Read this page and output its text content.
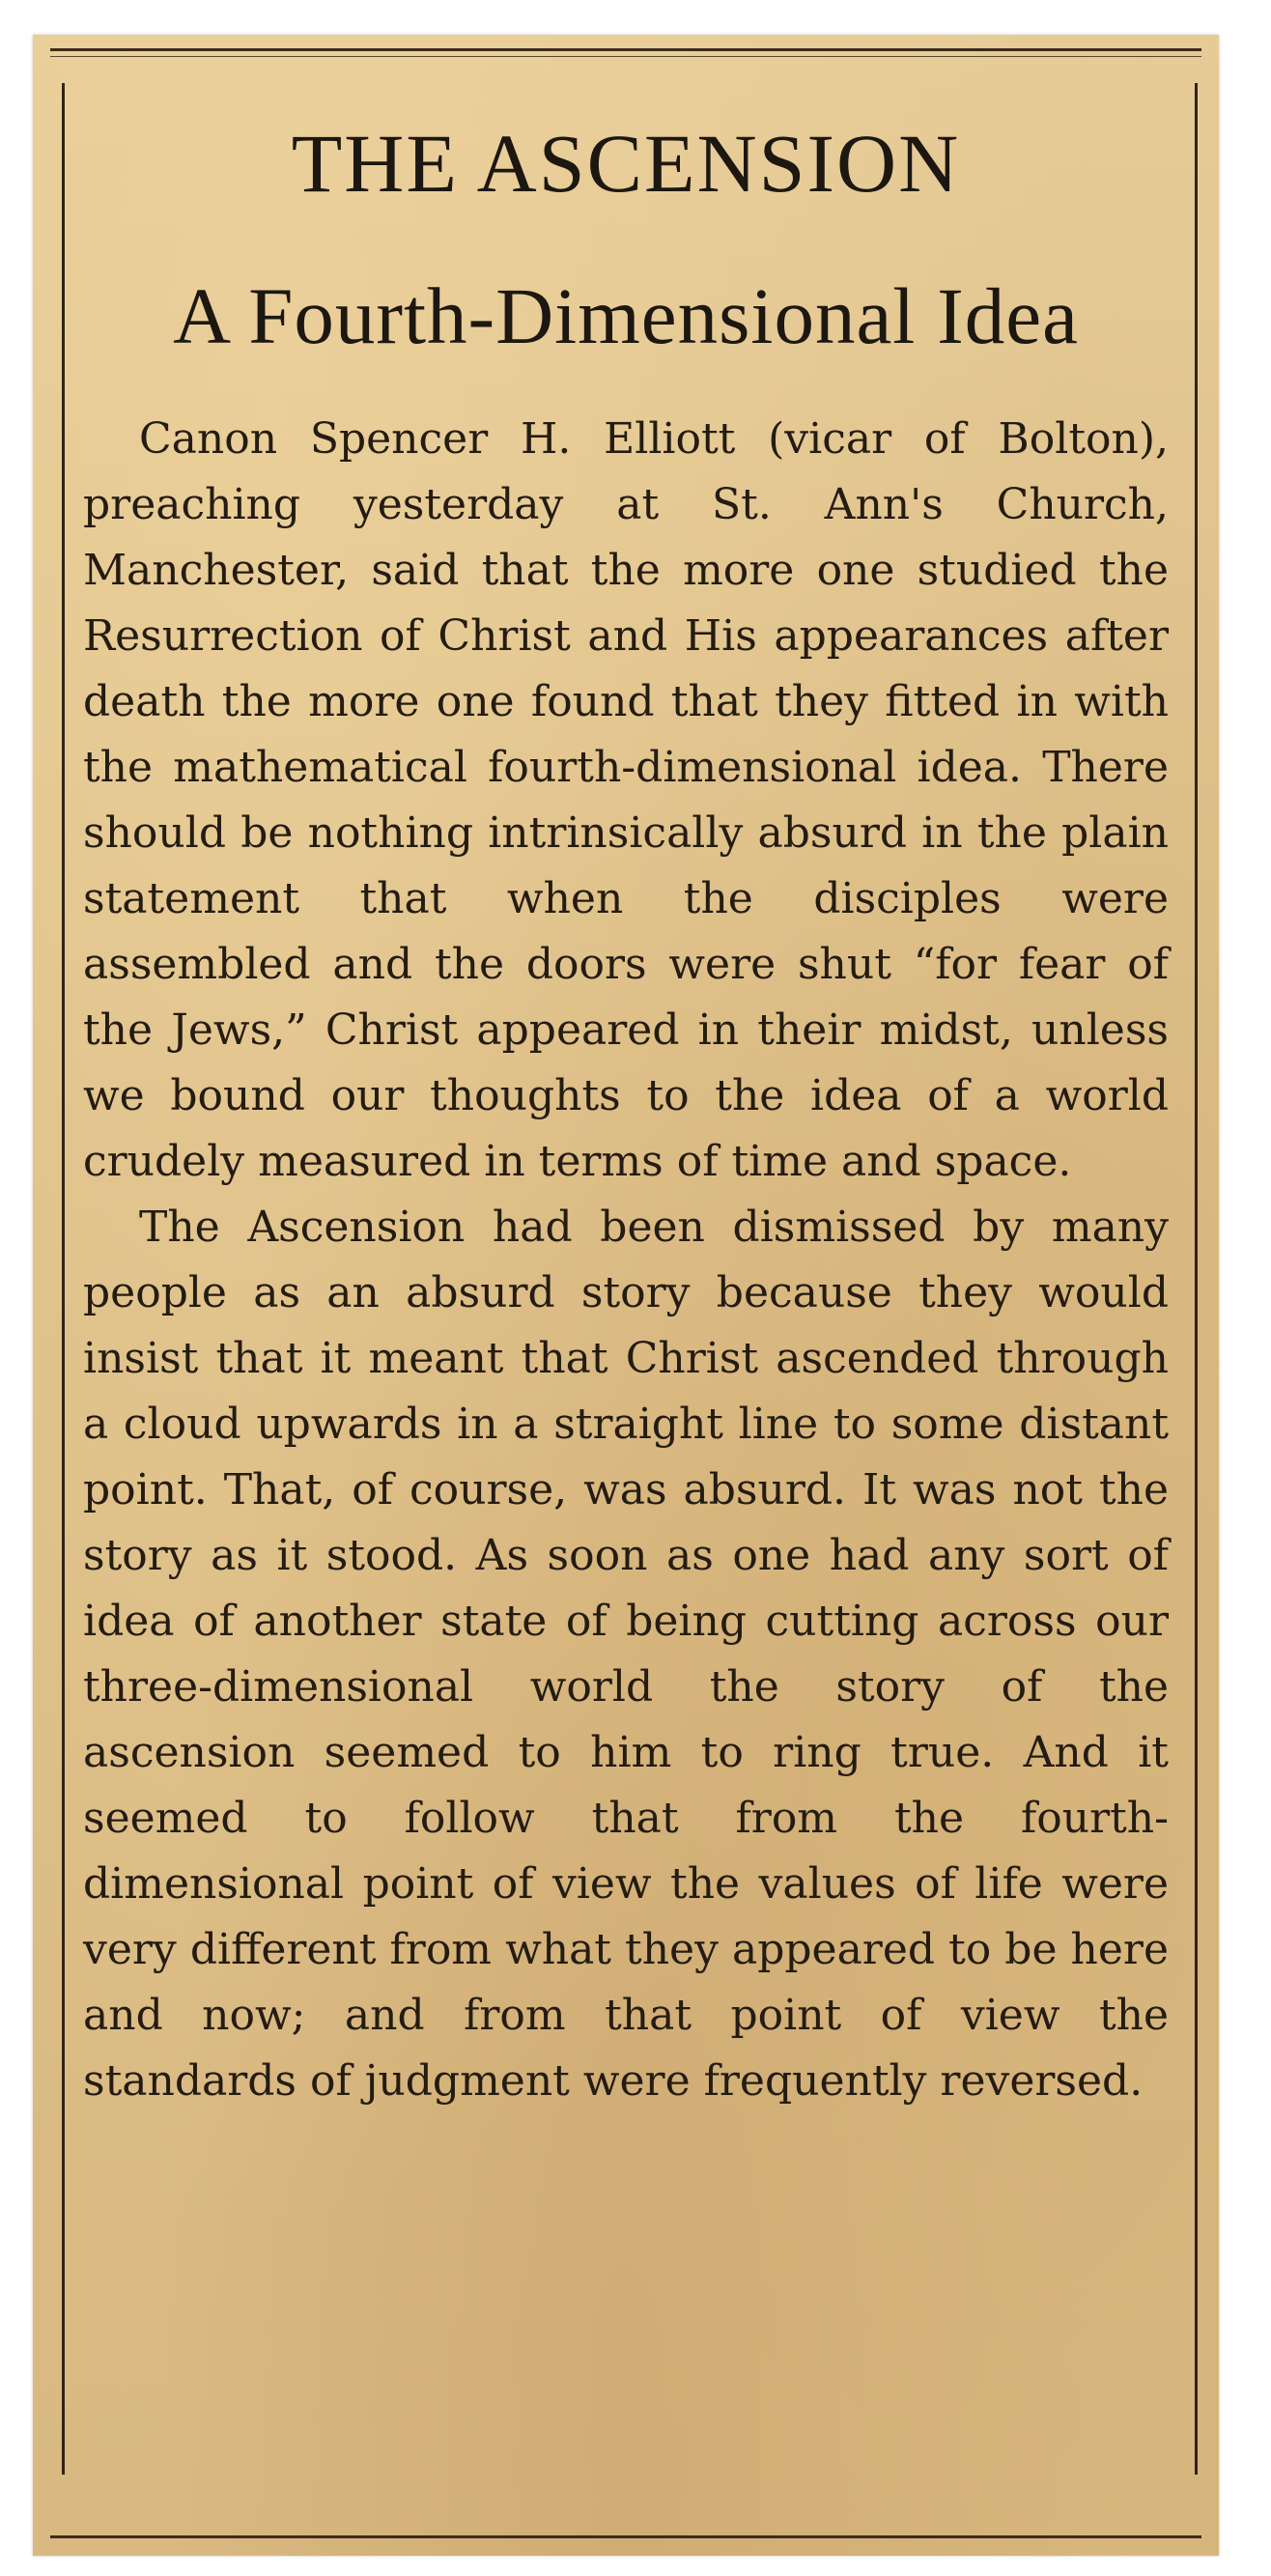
THE ASCENSION
A Fourth-Dimensional Idea

Canon Spencer H. Elliott (vicar of Bolton), preaching yesterday at St. Ann's Church, Manchester, said that the more one studied the Resurrection of Christ and His appearances after death the more one found that they fitted in with the mathematical fourth-dimensional idea. There should be nothing intrinsically absurd in the plain statement that when the disciples were assembled and the doors were shut “for fear of the Jews,” Christ appeared in their midst, unless we bound our thoughts to the idea of a world crudely measured in terms of time and space.

The Ascension had been dismissed by many people as an absurd story because they would insist that it meant that Christ ascended through a cloud upwards in a straight line to some distant point. That, of course, was absurd. It was not the story as it stood. As soon as one had any sort of idea of another state of being cutting across our three-dimensional world the story of the ascension seemed to him to ring true. And it seemed to follow that from the fourth-dimensional point of view the values of life were very different from what they appeared to be here and now; and from that point of view the standards of judgment were frequently reversed.
